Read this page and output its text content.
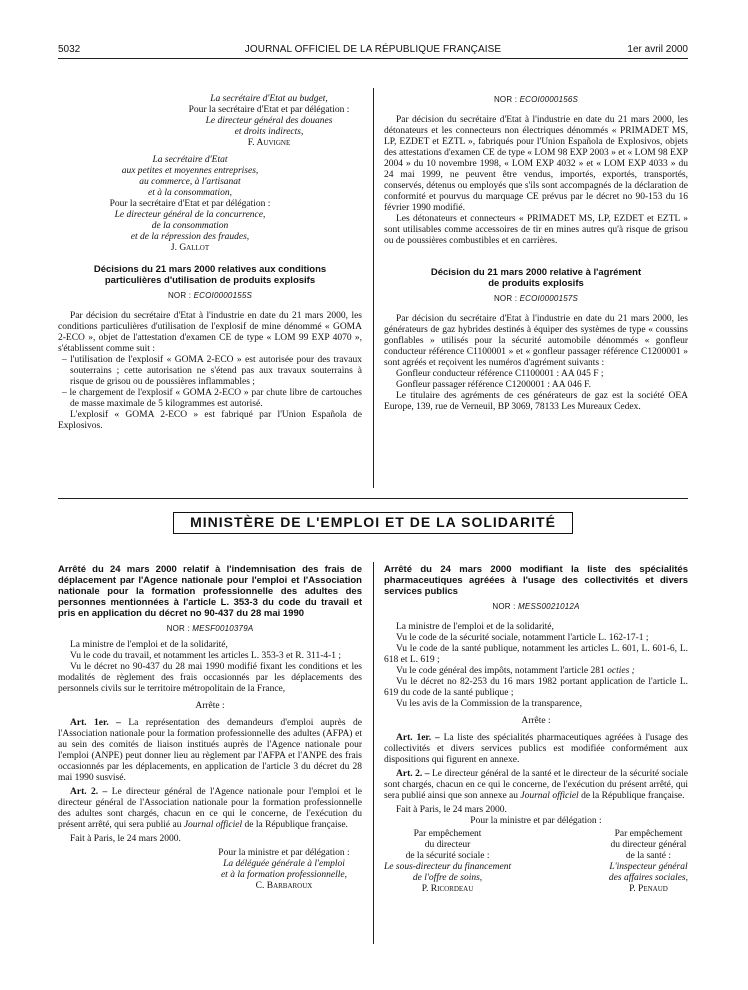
5032	JOURNAL OFFICIEL DE LA RÉPUBLIQUE FRANÇAISE	1er avril 2000
La secrétaire d'Etat au budget,
Pour la secrétaire d'Etat et par délégation :
Le directeur général des douanes
et droits indirects,
F. Auvigne
La secrétaire d'Etat
aux petites et moyennes entreprises,
au commerce, à l'artisanat
et à la consommation,
Pour la secrétaire d'Etat et par délégation :
Le directeur général de la concurrence,
de la consommation
et de la répression des fraudes,
J. Gallot
Décisions du 21 mars 2000 relatives aux conditions particulières d'utilisation de produits explosifs
NOR : ECOI0000155S

Par décision du secrétaire d'Etat à l'industrie en date du 21 mars 2000, les conditions particulières d'utilisation de l'explosif de mine dénommé « GOMA 2-ECO », objet de l'attestation d'examen CE de type « LOM 99 EXP 4070 », s'établissent comme suit :

– l'utilisation de l'explosif « GOMA 2-ECO » est autorisée pour des travaux souterrains ; cette autorisation ne s'étend pas aux travaux souterrains à risque de grisou ou de poussières inflammables ;
– le chargement de l'explosif « GOMA 2-ECO » par chute libre de cartouches de masse maximale de 5 kilogrammes est autorisé.

L'explosif « GOMA 2-ECO » est fabriqué par l'Union Española de Explosivos.

NOR : ECOI0000156S

Par décision du secrétaire d'Etat à l'industrie en date du 21 mars 2000, les détonateurs et les connecteurs non électriques dénommés « PRIMADET MS, LP, EZDET et EZTL », fabriqués pour l'Union Española de Explosivos, objets des attestations d'examen CE de type « LOM 98 EXP 2003 » et « LOM 98 EXP 2004 » du 10 novembre 1998, « LOM EXP 4032 » et « LOM EXP 4033 » du 24 mai 1999, ne peuvent être vendus, importés, exportés, transportés, conservés, détenus ou employés que s'ils sont accompagnés de la déclaration de conformité et pourvus du marquage CE prévus par le décret no 90-153 du 16 février 1990 modifié.

Les détonateurs et connecteurs « PRIMADET MS, LP, EZDET et EZTL » sont utilisables comme accessoires de tir en mines autres qu'à risque de grisou ou de poussières combustibles et en carrières.

Décision du 21 mars 2000 relative à l'agrément de produits explosifs
NOR : ECOI0000157S

Par décision du secrétaire d'Etat à l'industrie en date du 21 mars 2000, les générateurs de gaz hybrides destinés à équiper des systèmes de type « coussins gonflables » utilisés pour la sécurité automobile dénommés « gonfleur conducteur référence C1100001 » et « gonfleur passager référence C1200001 » sont agréés et reçoivent les numéros d'agrément suivants :

Gonfleur conducteur référence C1100001 : AA 045 F ;

Gonfleur passager référence C1200001 : AA 046 F.

Le titulaire des agréments de ces générateurs de gaz est la société OEA Europe, 139, rue de Verneuil, BP 3069, 78133 Les Mureaux Cedex.

MINISTÈRE DE L'EMPLOI ET DE LA SOLIDARITÉ
Arrêté du 24 mars 2000 relatif à l'indemnisation des frais de déplacement par l'Agence nationale pour l'emploi et l'Association nationale pour la formation professionnelle des adultes des personnes mentionnées à l'article L. 353-3 du code du travail et pris en application du décret no 90-437 du 28 mai 1990
NOR : MESF0010379A

La ministre de l'emploi et de la solidarité,

Vu le code du travail, et notamment les articles L. 353-3 et R. 311-4-1 ;

Vu le décret no 90-437 du 28 mai 1990 modifié fixant les conditions et les modalités de règlement des frais occasionnés par les déplacements des personnels civils sur le territoire métropolitain de la France,

Arrête :

Art. 1er. – La représentation des demandeurs d'emploi auprès de l'Association nationale pour la formation professionnelle des adultes (AFPA) et au sein des comités de liaison institués auprès de l'Agence nationale pour l'emploi (ANPE) peut donner lieu au règlement par l'AFPA et l'ANPE des frais occasionnés par les déplacements, en application de l'article 3 du décret du 28 mai 1990 susvisé.

Art. 2. – Le directeur général de l'Agence nationale pour l'emploi et le directeur général de l'Association nationale pour la formation professionnelle des adultes sont chargés, chacun en ce qui le concerne, de l'exécution du présent arrêté, qui sera publié au Journal officiel de la République française.

Fait à Paris, le 24 mars 2000.

Pour la ministre et par délégation :
La déléguée générale à l'emploi
et à la formation professionnelle,
C. Barbaroux
Arrêté du 24 mars 2000 modifiant la liste des spécialités pharmaceutiques agréées à l'usage des collectivités et divers services publics
NOR : MESS0021012A

La ministre de l'emploi et de la solidarité,

Vu le code de la sécurité sociale, notamment l'article L. 162-17-1 ;

Vu le code de la santé publique, notamment les articles L. 601, L. 601-6, L. 618 et L. 619 ;

Vu le code général des impôts, notamment l'article 281 octies ;

Vu le décret no 82-253 du 16 mars 1982 portant application de l'article L. 619 du code de la santé publique ;

Vu les avis de la Commission de la transparence,

Arrête :

Art. 1er. – La liste des spécialités pharmaceutiques agréées à l'usage des collectivités et divers services publics est modifiée conformément aux dispositions qui figurent en annexe.

Art. 2. – Le directeur général de la santé et le directeur de la sécurité sociale sont chargés, chacun en ce qui le concerne, de l'exécution du présent arrêté, qui sera publié ainsi que son annexe au Journal officiel de la République française.

Fait à Paris, le 24 mars 2000.

Pour la ministre et par délégation :

Par empêchement
du directeur
de la sécurité sociale :
Le sous-directeur du financement
de l'offre de soins,
P. Ricordeau
Par empêchement
du directeur général
de la santé :
L'inspecteur général
des affaires sociales,
P. Penaud
